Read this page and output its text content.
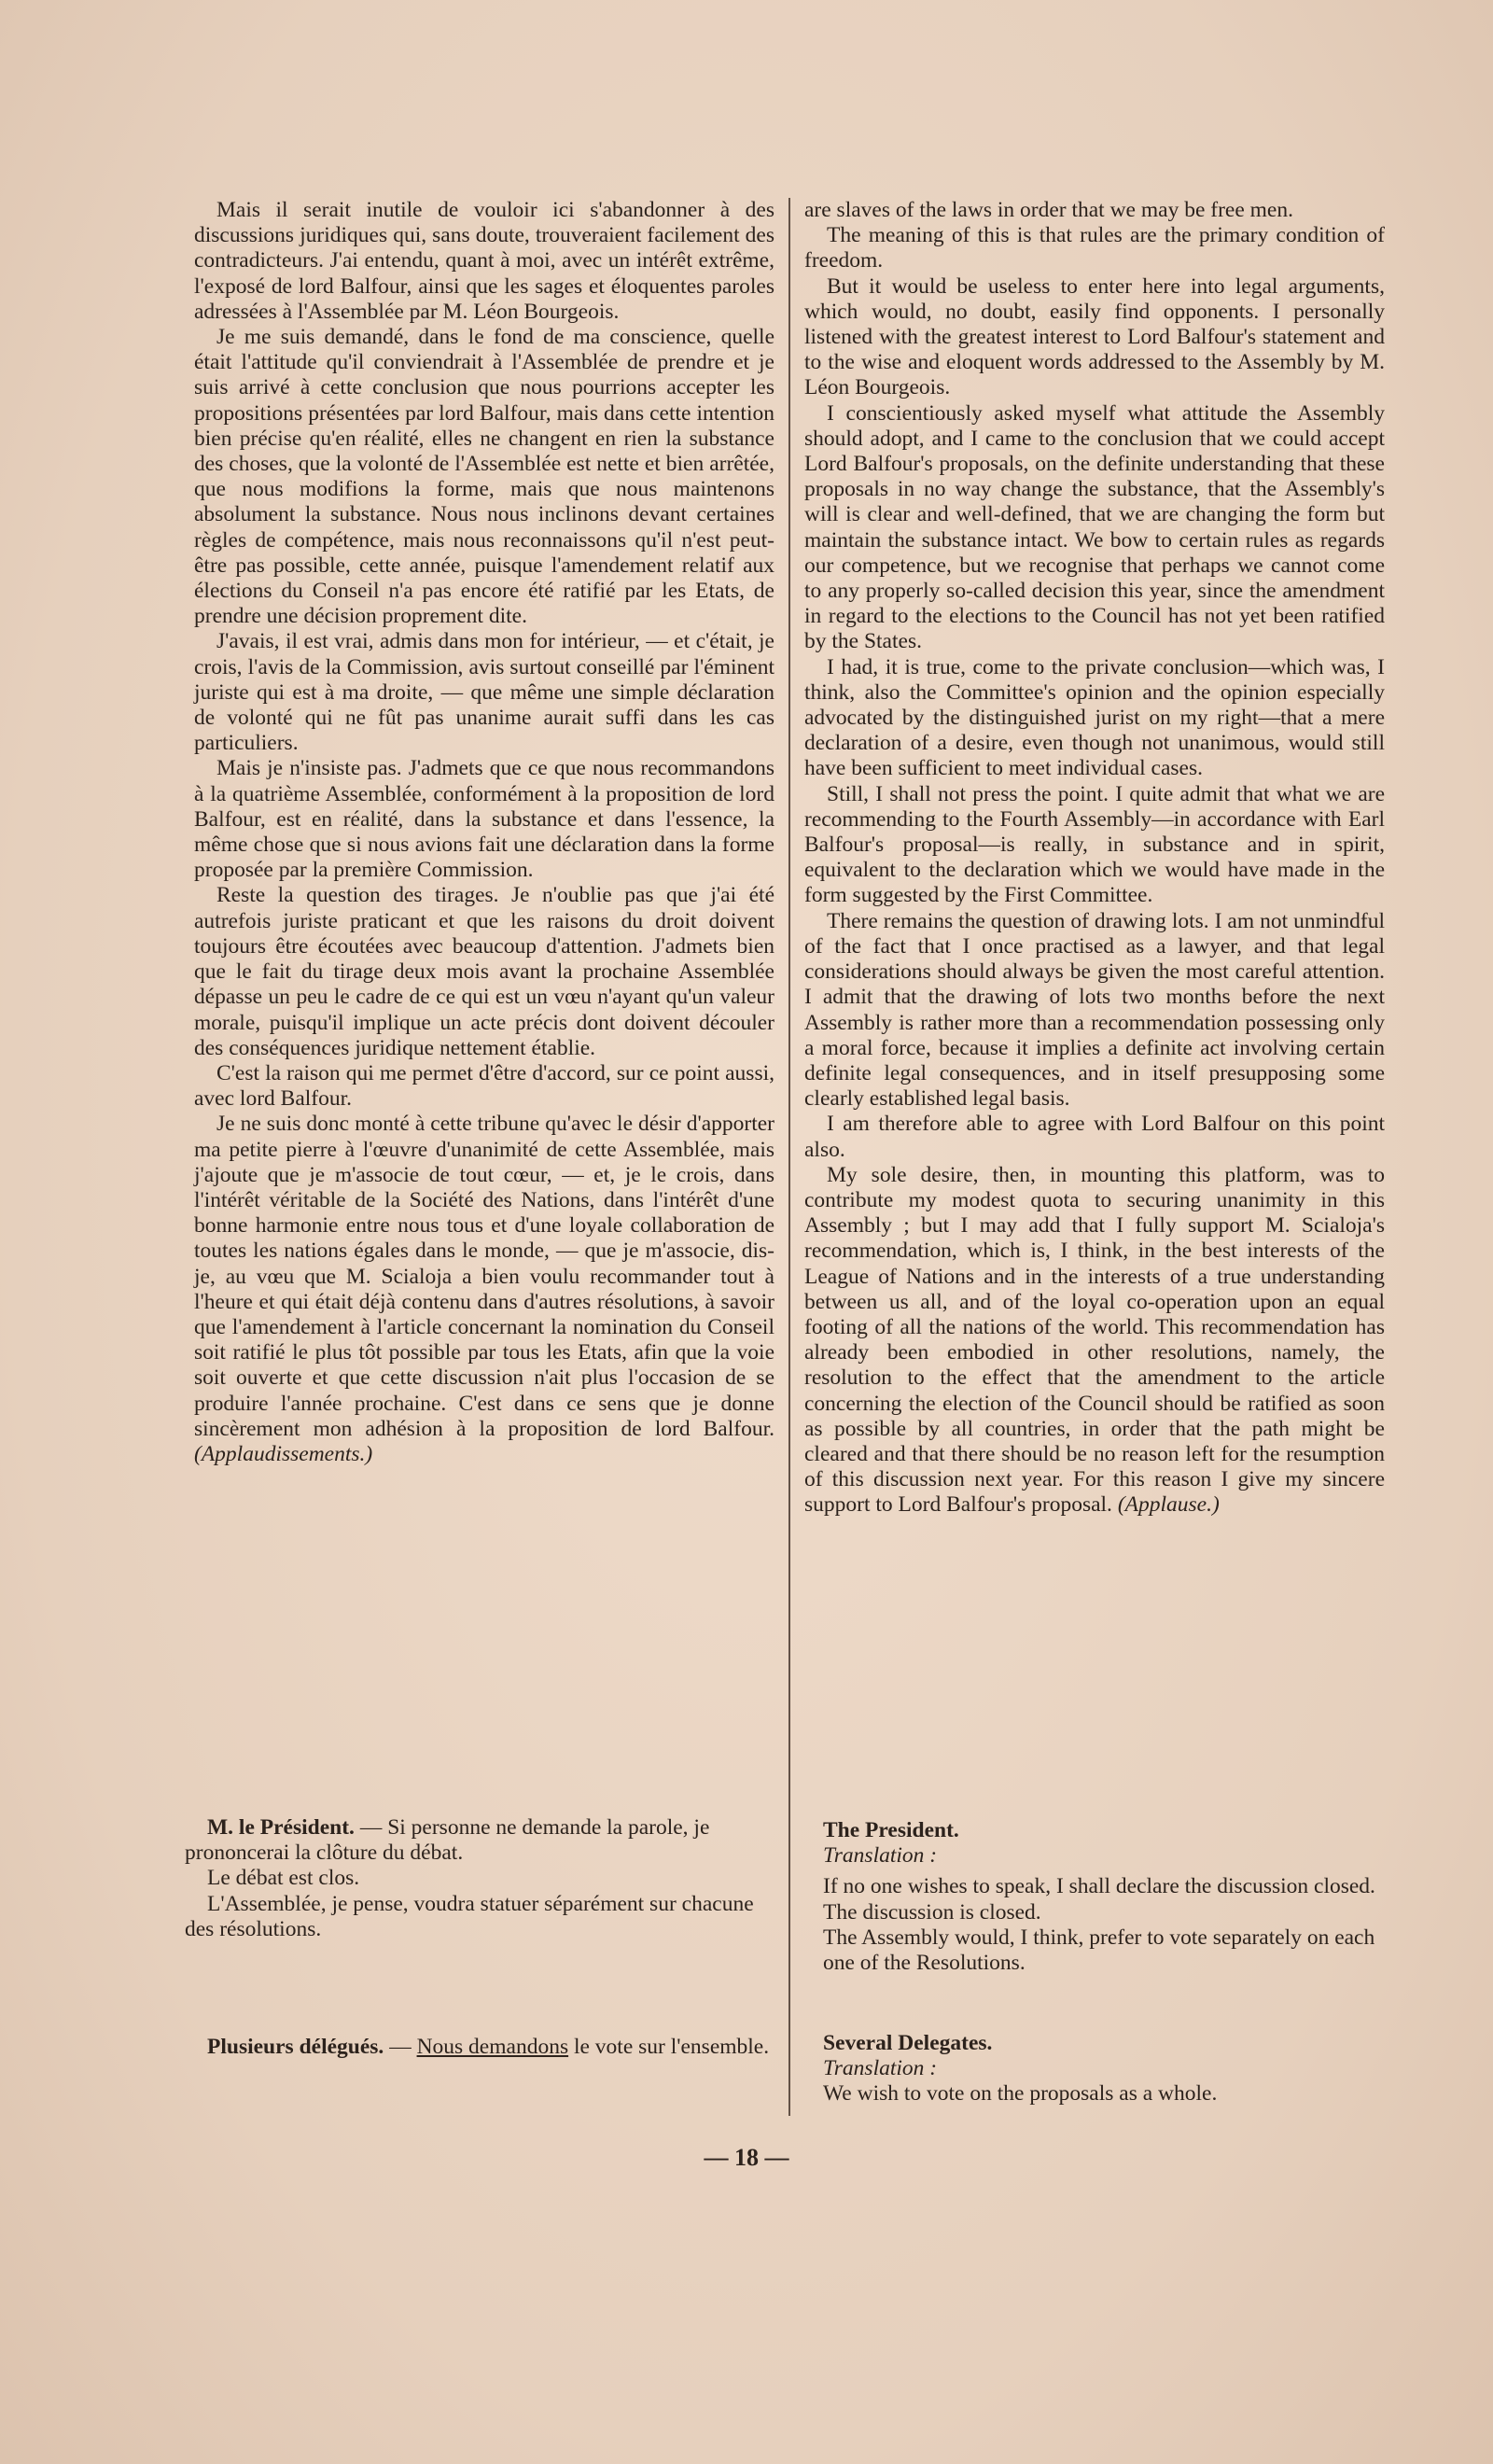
Mais il serait inutile de vouloir ici s'abandonner à des discussions juridiques qui, sans doute, trouveraient facilement des contradicteurs. J'ai entendu, quant à moi, avec un intérêt extrême, l'exposé de lord Balfour, ainsi que les sages et éloquentes paroles adressées à l'Assemblée par M. Léon Bourgeois.

Je me suis demandé, dans le fond de ma conscience, quelle était l'attitude qu'il conviendrait à l'Assemblée de prendre et je suis arrivé à cette conclusion que nous pourrions accepter les propositions présentées par lord Balfour, mais dans cette intention bien précise qu'en réalité, elles ne changent en rien la substance des choses, que la volonté de l'Assemblée est nette et bien arrêtée, que nous modifions la forme, mais que nous maintenons absolument la substance. Nous nous inclinons devant certaines règles de compétence, mais nous reconnaissons qu'il n'est peut-être pas possible, cette année, puisque l'amendement relatif aux élections du Conseil n'a pas encore été ratifié par les Etats, de prendre une décision proprement dite.

J'avais, il est vrai, admis dans mon for intérieur, — et c'était, je crois, l'avis de la Commission, avis surtout conseillé par l'éminent juriste qui est à ma droite, — que même une simple déclaration de volonté qui ne fût pas unanime aurait suffi dans les cas particuliers.

Mais je n'insiste pas. J'admets que ce que nous recommandons à la quatrième Assemblée, conformément à la proposition de lord Balfour, est en réalité, dans la substance et dans l'essence, la même chose que si nous avions fait une déclaration dans la forme proposée par la première Commission.

Reste la question des tirages. Je n'oublie pas que j'ai été autrefois juriste praticant et que les raisons du droit doivent toujours être écoutées avec beaucoup d'attention. J'admets bien que le fait du tirage deux mois avant la prochaine Assemblée dépasse un peu le cadre de ce qui est un vœu n'ayant qu'un valeur morale, puisqu'il implique un acte précis dont doivent découler des conséquences juridique nettement établie.

C'est la raison qui me permet d'être d'accord, sur ce point aussi, avec lord Balfour.

Je ne suis donc monté à cette tribune qu'avec le désir d'apporter ma petite pierre à l'œuvre d'unanimité de cette Assemblée, mais j'ajoute que je m'associe de tout cœur, — et, je le crois, dans l'intérêt véritable de la Société des Nations, dans l'intérêt d'une bonne harmonie entre nous tous et d'une loyale collaboration de toutes les nations égales dans le monde, — que je m'associe, dis-je, au vœu que M. Scialoja a bien voulu recommander tout à l'heure et qui était déjà contenu dans d'autres résolutions, à savoir que l'amendement à l'article concernant la nomination du Conseil soit ratifié le plus tôt possible par tous les Etats, afin que la voie soit ouverte et que cette discussion n'ait plus l'occasion de se produire l'année prochaine. C'est dans ce sens que je donne sincèrement mon adhésion à la proposition de lord Balfour. (Applaudissements.)

are slaves of the laws in order that we may be free men.

The meaning of this is that rules are the primary condition of freedom.

But it would be useless to enter here into legal arguments, which would, no doubt, easily find opponents. I personally listened with the greatest interest to Lord Balfour's statement and to the wise and eloquent words addressed to the Assembly by M. Léon Bourgeois.

I conscientiously asked myself what attitude the Assembly should adopt, and I came to the conclusion that we could accept Lord Balfour's proposals, on the definite understanding that these proposals in no way change the substance, that the Assembly's will is clear and well-defined, that we are changing the form but maintain the substance intact. We bow to certain rules as regards our competence, but we recognise that perhaps we cannot come to any properly so-called decision this year, since the amendment in regard to the elections to the Council has not yet been ratified by the States.

I had, it is true, come to the private conclusion—which was, I think, also the Committee's opinion and the opinion especially advocated by the distinguished jurist on my right—that a mere declaration of a desire, even though not unanimous, would still have been sufficient to meet individual cases.

Still, I shall not press the point. I quite admit that what we are recommending to the Fourth Assembly—in accordance with Earl Balfour's proposal—is really, in substance and in spirit, equivalent to the declaration which we would have made in the form suggested by the First Committee.

There remains the question of drawing lots. I am not unmindful of the fact that I once practised as a lawyer, and that legal considerations should always be given the most careful attention. I admit that the drawing of lots two months before the next Assembly is rather more than a recommendation possessing only a moral force, because it implies a definite act involving certain definite legal consequences, and in itself presupposing some clearly established legal basis.

I am therefore able to agree with Lord Balfour on this point also.

My sole desire, then, in mounting this platform, was to contribute my modest quota to securing unanimity in this Assembly ; but I may add that I fully support M. Scialoja's recommendation, which is, I think, in the best interests of the League of Nations and in the interests of a true understanding between us all, and of the loyal co-operation upon an equal footing of all the nations of the world. This recommendation has already been embodied in other resolutions, namely, the resolution to the effect that the amendment to the article concerning the election of the Council should be ratified as soon as possible by all countries, in order that the path might be cleared and that there should be no reason left for the resumption of this discussion next year. For this reason I give my sincere support to Lord Balfour's proposal. (Applause.)

M. le Président. — Si personne ne demande la parole, je prononcerai la clôture du débat.

Le débat est clos.

L'Assemblée, je pense, voudra statuer séparément sur chacune des résolutions.

Plusieurs délégués. — Nous demandons le vote sur l'ensemble.

The President.
Translation :

If no one wishes to speak, I shall declare the discussion closed.

The discussion is closed.

The Assembly would, I think, prefer to vote separately on each one of the Resolutions.

Several Delegates.
Translation :

We wish to vote on the proposals as a whole.

— 18 —
